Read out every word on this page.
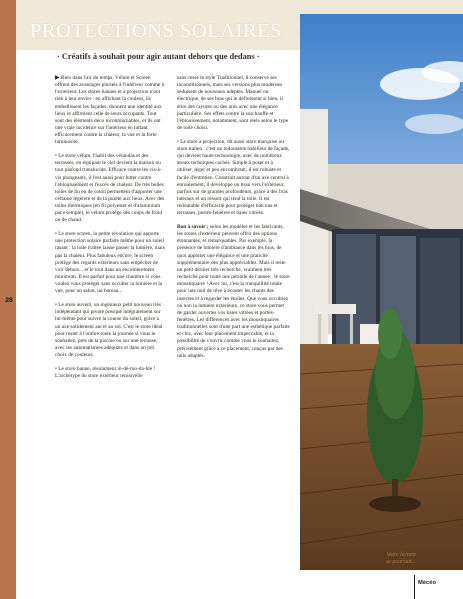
PROTECTIONS SOLAIRES
· Créatifs à souhait pour agir autant dehors que dedans ·
28

▶ Bien dans l'air du temps, Vélum et Screen offrent des avantages pluriels à l'intérieur comme à l'extérieur. Les stores bannes et à projection n'ont rien à leur envier : en affichant la couleur, ils embellissent les façades, donnent une identité aux lieux et affirment celle de leurs occupants. Tout sont des éléments déco incontournables, et ils ont une vraie incidence sur l'intérieur en luttant efficacement contre la chaleur, la vue et la forte luminosité.

• Le store vélum, l'habit des vérandas et des terrasses, en équipant le ciel devient la maison ou tout plafond translucide. Efficace contre les vis-à-vis plongeants, il l'est aussi pour lutter contre l'éblouissement et l'excès de chaleur. De très belles toiles de lin en de coton permettent d'apporter une certaine légèreté et de la pureté aux lieux. Avec des toiles thermiques (en fil polyester et d'aluminium par exemple), le vélum protège des coups de froid ou de chaud.

• Le store screen, la petite révolution qui apporte une protection solaire parfaite même pour un soleil rasant : la toile traitée laisse passer la lumière, mais pas la chaleur. Plus fabuleux encore, le screen protège des regards extérieurs sans empêcher de voir dehors... et le tout dans un encombrement minimum. Il est parfait pour une chambre si vous voulez vous protéger sans occulter la lumière et la vue, pour un salon, un bureau...

• Le store auvent, un ingénieux petit nouveau très indépendant qui pivote presque intégralement sur lui-même pour suivre la course du soleil, grâce à un axe solidement ancré au sol. C'est le store idéal pour rester à l'ombre toute la journée si vous le souhaitez, près de la piscine ou sur une terrasse, avec les automatismes adéquats et dans un joli choix de couleurs.

• Le store banne, résolument in-dé-mo-da-ble ! L'archétype du store extérieur renouvelle

sans cesse le style Traditionnel, il conserve ses inconditionnels, mais ses versions plus modernes séduisent de nouveaux adeptes. Manuel ou électrique, de ses bras qui le définissent si bien, il étire des rayures ou des unis avec une élégance particulière. Ses effets contre la surchauffe et l'éblouissement, notamment, sont réels selon le type de toile choisi.

• Le store à projection, dit aussi store marquise ou store italien : c'est un redoutable habilleur de façade, qui devient haute technologie, avec de nombreux atouts techniques cachés. Simple à poser et à utiliser, léger et peu encombrant, il est robuste et facile d'entretien. Construit autour d'un axe central à enroulement, il développe un tissu vers l'extérieur, parfois sur de grandes profondeurs, grâce à des bras latéraux et un ressort qui tend la toile. Il est redoutable d'efficacité pour protéger balcons et terrasses, portes-fenêtres et baies vitrées.

Bon à savoir ; selon les modèles et les fabricants, les stores d'extérieur peuvent offrir des options étonnantes, et remarquables. Par exemple, la présence de lumière d'ambiance dans les bras, de quoi apporter une élégance et une praticité supplémentaire des plus appréciables. Mais il reste un petit dernier très recherché, vraiment très recherché pour toute une période de l'année : le store moustiquaire ! Avec lui, c'est la tranquillité totale pour une nuit de rêve à écouter les chants des insectes et à regarder les étoiles. Que vous occultiez ou non la lumière extérieure, ce store vous permet de garder ouvertes vos baies vitrées et portes-fenêtres. Les différences avec les moustiquaires traditionnelles sont d'une part une esthétique parfaite et chic, avec leur placement impeccable, et la possibilité de s'ouvrir comme vous le souhaitez, précisément grâce à ce placement, conçus par des rails adaptés.

Votre lecture
se poursuit...
Mécéo
